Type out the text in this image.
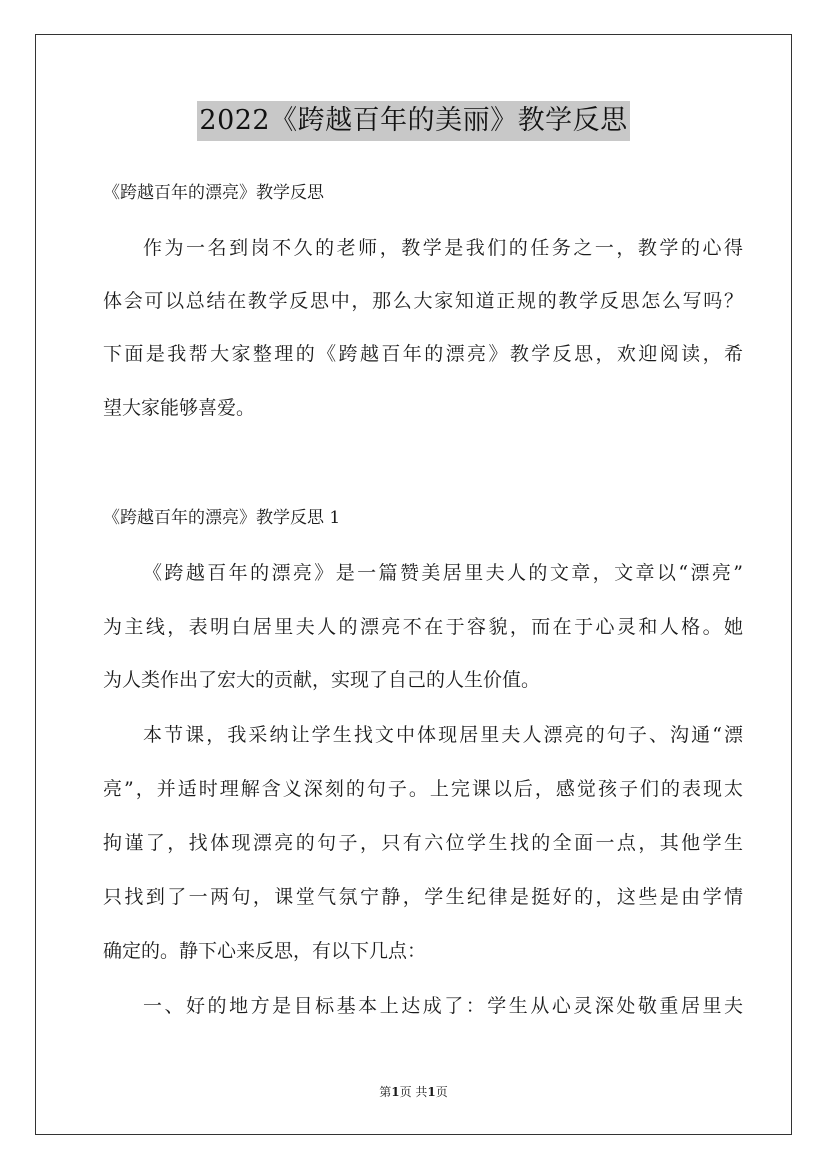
2022《跨越百年的美丽》教学反思
《跨越百年的漂亮》教学反思
作为一名到岗不久的老师，教学是我们的任务之一，教学的心得
体会可以总结在教学反思中，那么大家知道正规的教学反思怎么写吗？
下面是我帮大家整理的《跨越百年的漂亮》教学反思，欢迎阅读，希
望大家能够喜爱。
《跨越百年的漂亮》教学反思 1
《跨越百年的漂亮》是一篇赞美居里夫人的文章，文章以“漂亮”
为主线，表明白居里夫人的漂亮不在于容貌，而在于心灵和人格。她
为人类作出了宏大的贡献，实现了自己的人生价值。
本节课，我采纳让学生找文中体现居里夫人漂亮的句子、沟通“漂
亮”，并适时理解含义深刻的句子。上完课以后，感觉孩子们的表现太
拘谨了，找体现漂亮的句子，只有六位学生找的全面一点，其他学生
只找到了一两句，课堂气氛宁静，学生纪律是挺好的，这些是由学情
确定的。静下心来反思，有以下几点：
一、好的地方是目标基本上达成了：学生从心灵深处敬重居里夫
第1页 共1页
